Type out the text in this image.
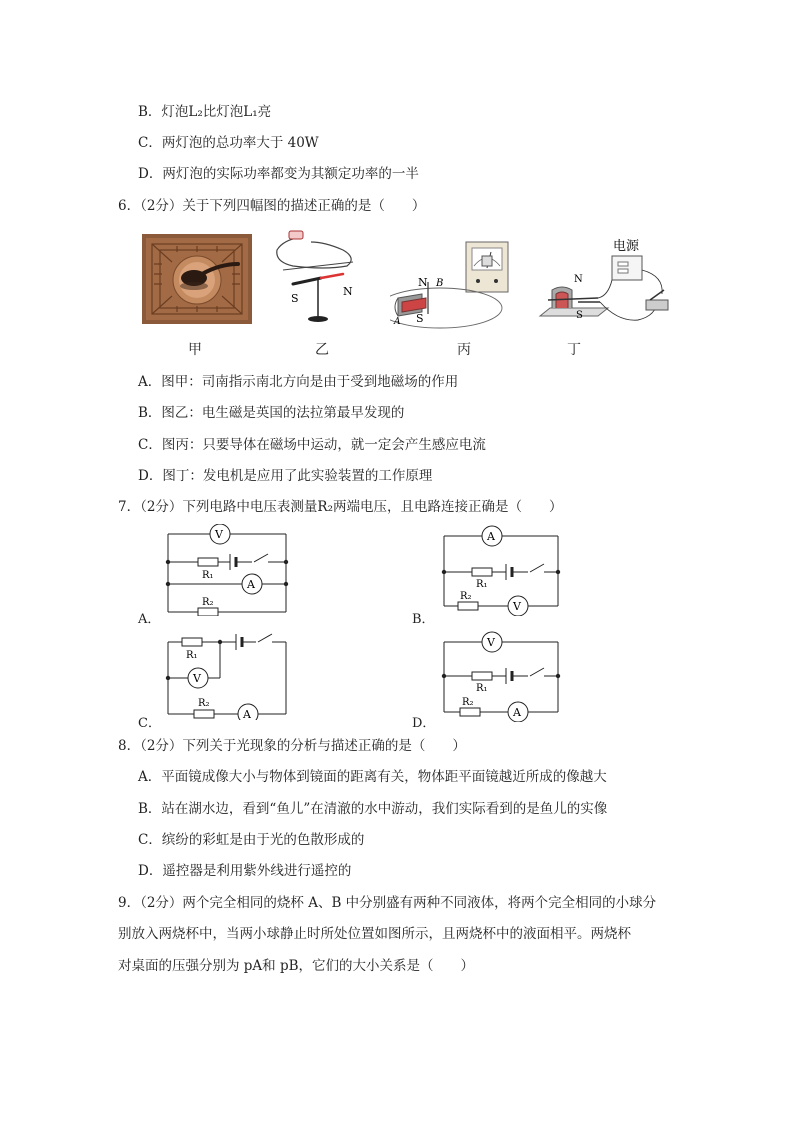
B．灯泡L₂比灯泡L₁亮
C．两灯泡的总功率大于 40W
D．两灯泡的实际功率都变为其额定功率的一半
6．（2分）关于下列四幅图的描述正确的是（　　）
S
N
N B
S
A
电源
N
S
甲	乙	丙	丁
A．图甲：司南指示南北方向是由于受到地磁场的作用
B．图乙：电生磁是英国的法拉第最早发现的
C．图丙：只要导体在磁场中运动，就一定会产生感应电流
D．图丁：发电机是应用了此实验装置的工作原理
7．（2分）下列电路中电压表测量R₂两端电压，且电路连接正确是（　　）
V
A
R₁
R₂
A．
A
V
R₁
R₂
B．
V
A
R₁
R₂
C．
V
A
R₁
R₂
D．
8．（2分）下列关于光现象的分析与描述正确的是（　　）
A．平面镜成像大小与物体到镜面的距离有关，物体距平面镜越近所成的像越大
B．站在湖水边，看到“鱼儿”在清澈的水中游动，我们实际看到的是鱼儿的实像
C．缤纷的彩虹是由于光的色散形成的
D．遥控器是利用紫外线进行遥控的
9．（2分）两个完全相同的烧杯 A、B 中分别盛有两种不同液体，将两个完全相同的小球分
别放入两烧杯中，当两小球静止时所处位置如图所示，且两烧杯中的液面相平。两烧杯
对桌面的压强分别为 pA和 pB，它们的大小关系是（　　）
